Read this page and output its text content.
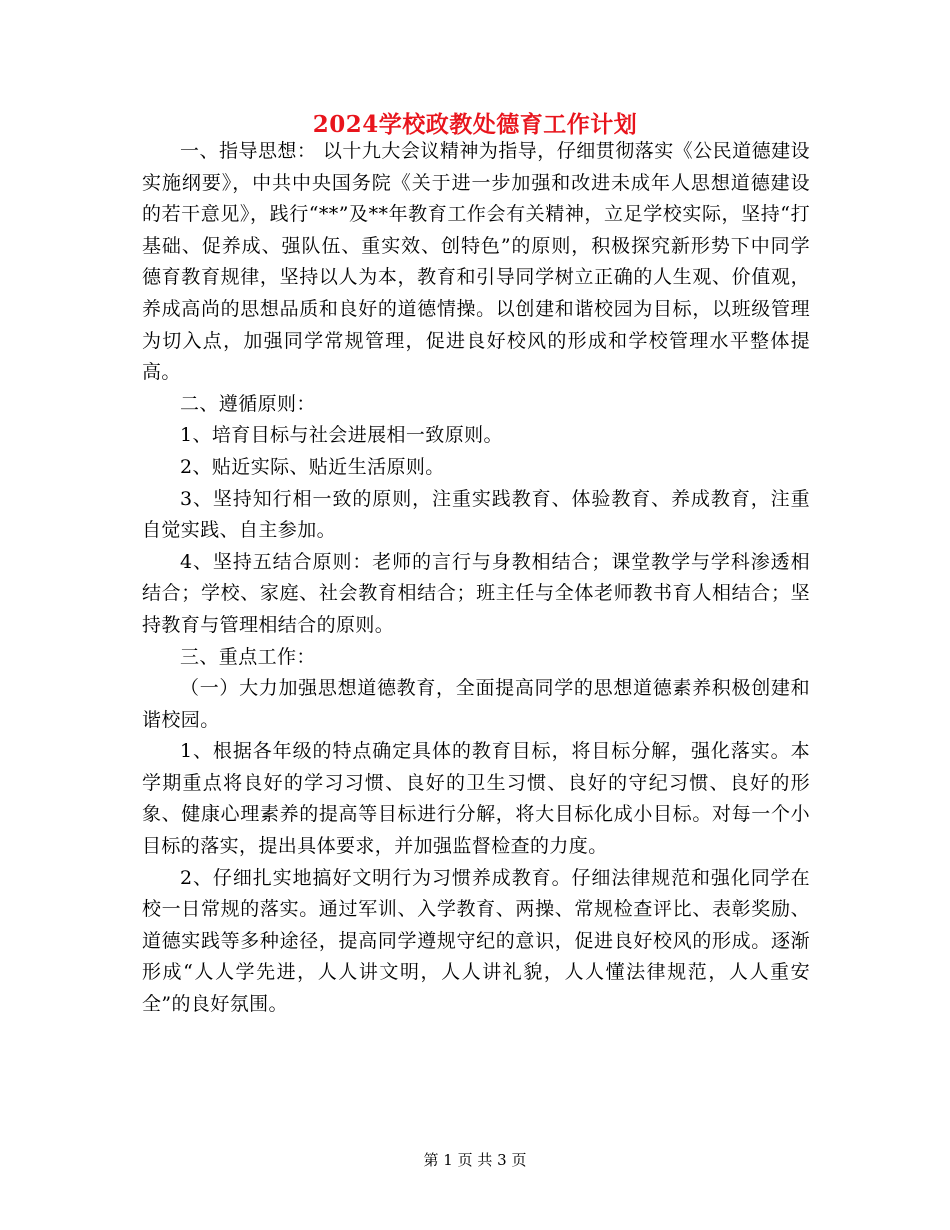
2024学校政教处德育工作计划

一、指导思想： 以十九大会议精神为指导，仔细贯彻落实《公民道德建设实施纲要》，中共中央国务院《关于进一步加强和改进未成年人思想道德建设的若干意见》，践行“**”及**年教育工作会有关精神，立足学校实际，坚持“打基础、促养成、强队伍、重实效、创特色”的原则，积极探究新形势下中同学德育教育规律，坚持以人为本，教育和引导同学树立正确的人生观、价值观，养成高尚的思想品质和良好的道德情操。以创建和谐校园为目标，以班级管理为切入点，加强同学常规管理，促进良好校风的形成和学校管理水平整体提高。

二、遵循原则：

1、培育目标与社会进展相一致原则。

2、贴近实际、贴近生活原则。

3、坚持知行相一致的原则，注重实践教育、体验教育、养成教育，注重自觉实践、自主参加。

4、坚持五结合原则：老师的言行与身教相结合；课堂教学与学科渗透相结合；学校、家庭、社会教育相结合；班主任与全体老师教书育人相结合；坚持教育与管理相结合的原则。

三、重点工作：

（一）大力加强思想道德教育，全面提高同学的思想道德素养积极创建和谐校园。

1、根据各年级的特点确定具体的教育目标，将目标分解，强化落实。本学期重点将良好的学习习惯、良好的卫生习惯、良好的守纪习惯、良好的形象、健康心理素养的提高等目标进行分解，将大目标化成小目标。对每一个小目标的落实，提出具体要求，并加强监督检查的力度。

2、仔细扎实地搞好文明行为习惯养成教育。仔细法律规范和强化同学在校一日常规的落实。通过军训、入学教育、两操、常规检查评比、表彰奖励、道德实践等多种途径，提高同学遵规守纪的意识，促进良好校风的形成。逐渐形成“人人学先进，人人讲文明，人人讲礼貌，人人懂法律规范，人人重安全”的良好氛围。

第 1 页 共 3 页
